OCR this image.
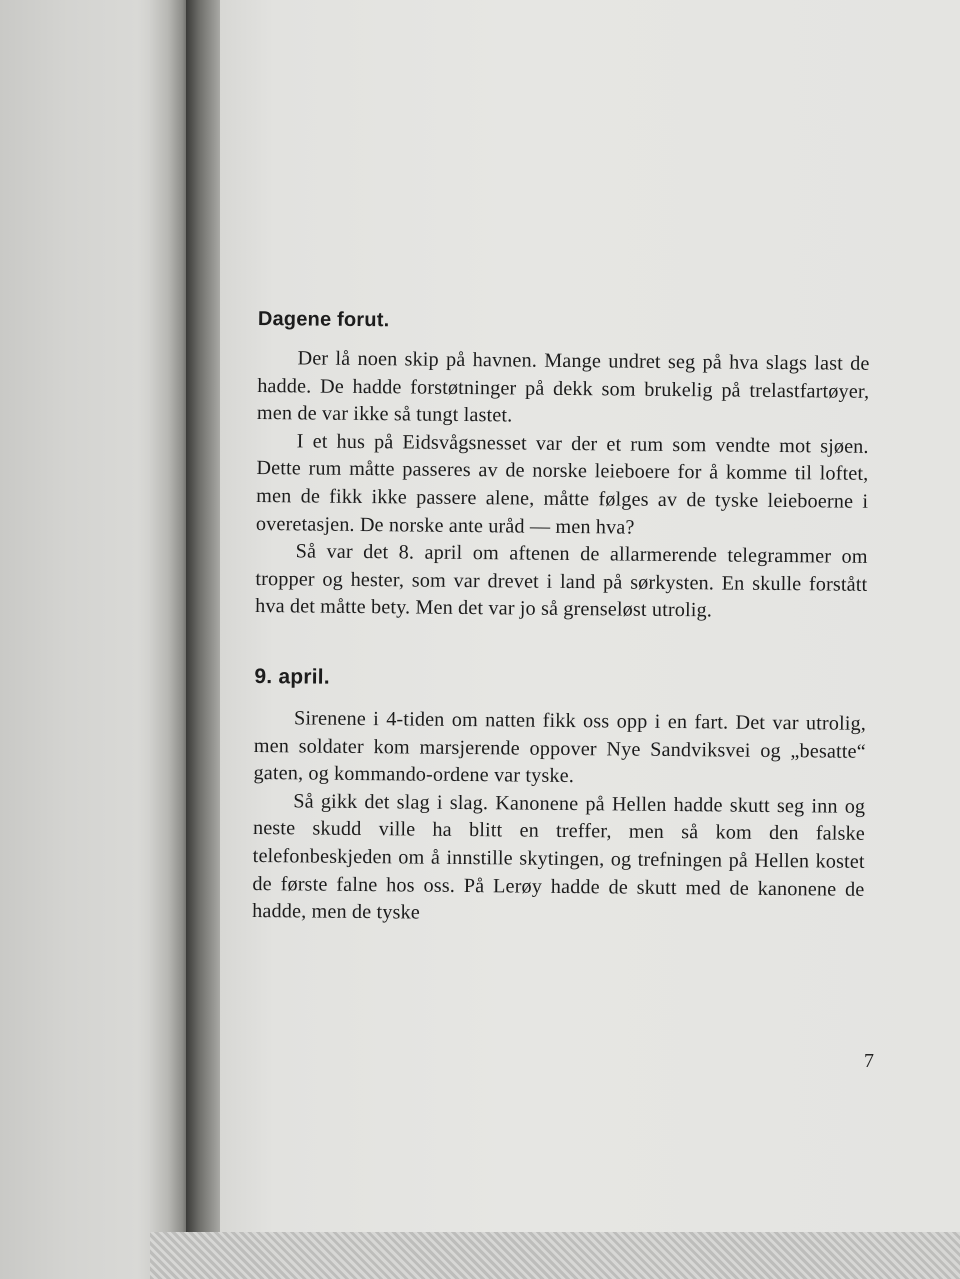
Dagene forut.

Der lå noen skip på havnen. Mange undret seg på hva slags last de hadde. De hadde forstøtninger på dekk som brukelig på trelastfartøyer, men de var ikke så tungt lastet.

I et hus på Eidsvågsnesset var der et rum som vendte mot sjøen. Dette rum måtte passeres av de norske leieboere for å komme til loftet, men de fikk ikke passere alene, måtte følges av de tyske leieboerne i overetasjen. De norske ante uråd — men hva?

Så var det 8. april om aftenen de allarmerende telegrammer om tropper og hester, som var drevet i land på sørkysten. En skulle forstått hva det måtte bety. Men det var jo så grenseløst utrolig.

9. april.

Sirenene i 4-tiden om natten fikk oss opp i en fart. Det var utrolig, men soldater kom marsjerende oppover Nye Sandviksvei og „besatte“ gaten, og kommando-ordene var tyske.

Så gikk det slag i slag. Kanonene på Hellen hadde skutt seg inn og neste skudd ville ha blitt en treffer, men så kom den falske telefonbeskjeden om å innstille skytingen, og trefningen på Hellen kostet de første falne hos oss. På Lerøy hadde de skutt med de kanonene de hadde, men de tyske

7
